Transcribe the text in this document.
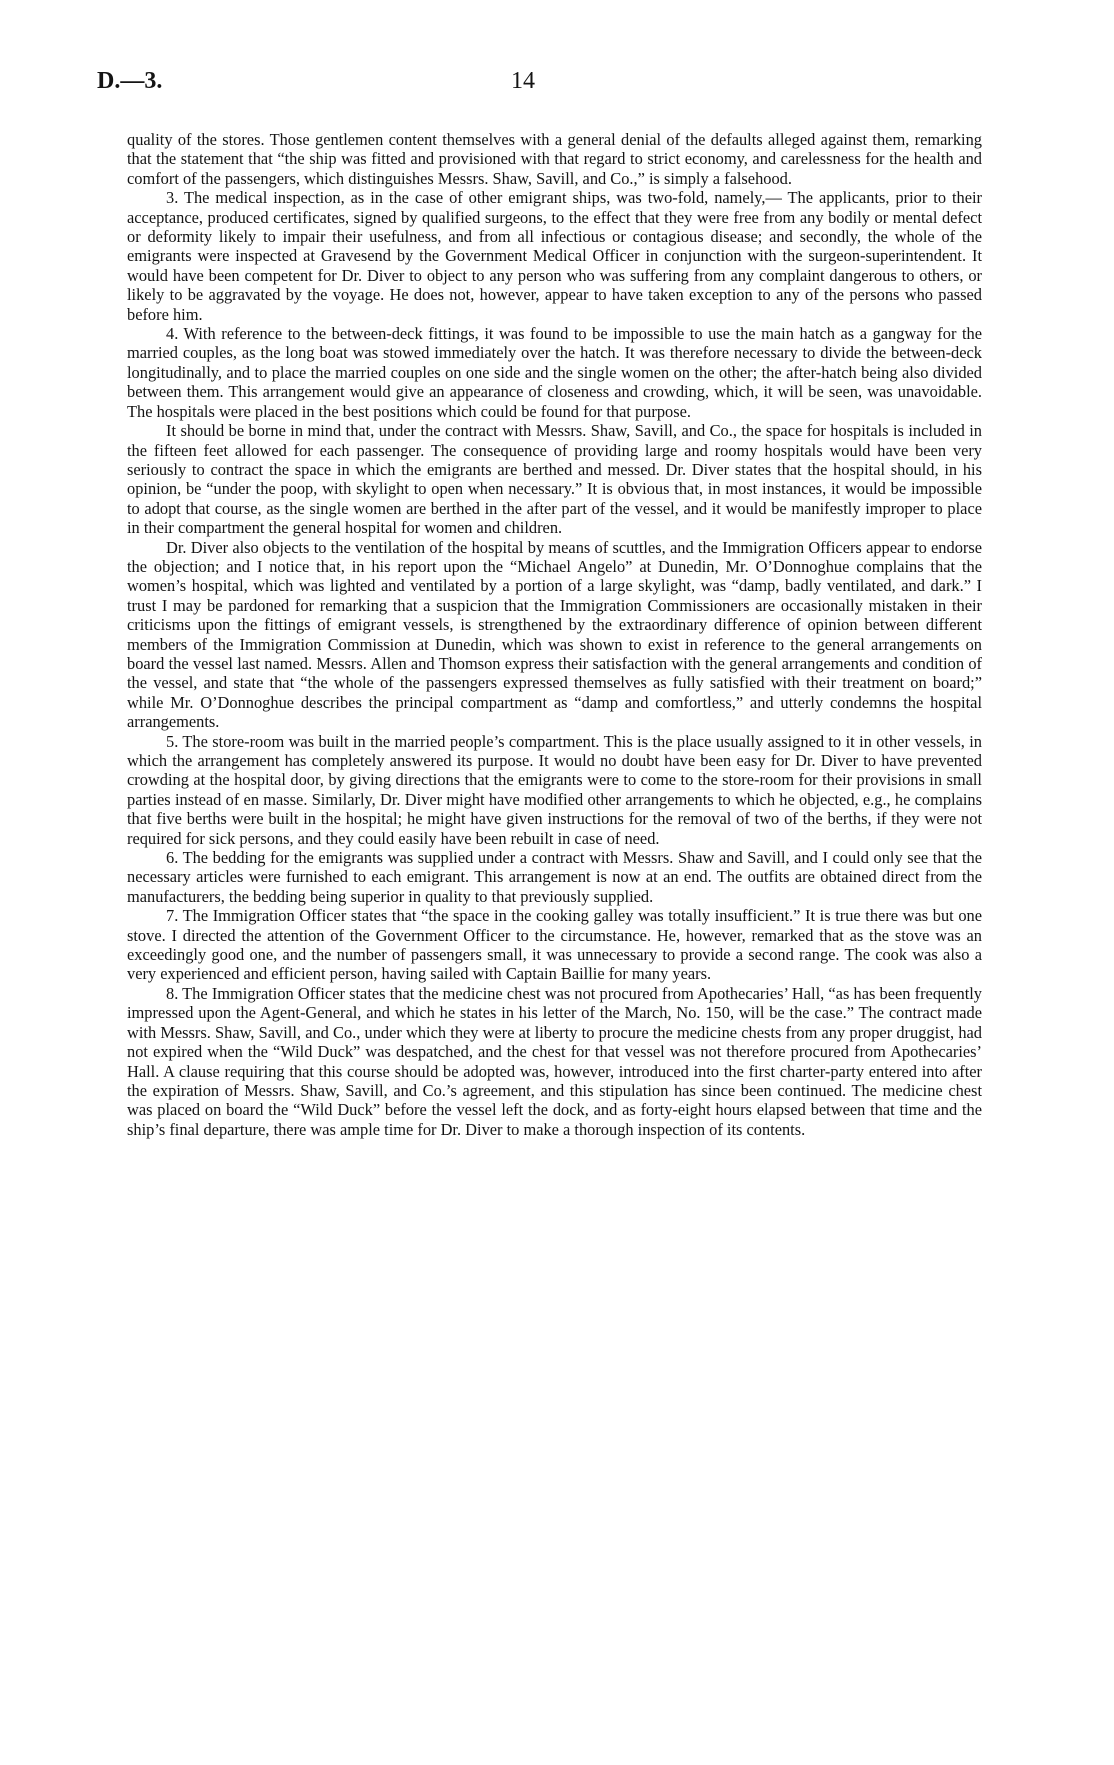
D.—3.	14

quality of the stores. Those gentlemen content themselves with a general denial of the defaults alleged against them, remarking that the statement that “the ship was fitted and provisioned with that regard to strict economy, and carelessness for the health and comfort of the passengers, which distinguishes Messrs. Shaw, Savill, and Co.,” is simply a falsehood.

3. The medical inspection, as in the case of other emigrant ships, was two-fold, namely,— The applicants, prior to their acceptance, produced certificates, signed by qualified surgeons, to the effect that they were free from any bodily or mental defect or deformity likely to impair their usefulness, and from all infectious or contagious disease; and secondly, the whole of the emigrants were inspected at Gravesend by the Government Medical Officer in conjunction with the surgeon-superintendent. It would have been competent for Dr. Diver to object to any person who was suffering from any complaint dangerous to others, or likely to be aggravated by the voyage. He does not, however, appear to have taken exception to any of the persons who passed before him.

4. With reference to the between-deck fittings, it was found to be impossible to use the main hatch as a gangway for the married couples, as the long boat was stowed immediately over the hatch. It was therefore necessary to divide the between-deck longitudinally, and to place the married couples on one side and the single women on the other; the after-hatch being also divided between them. This arrangement would give an appearance of closeness and crowding, which, it will be seen, was unavoidable. The hospitals were placed in the best positions which could be found for that purpose.

It should be borne in mind that, under the contract with Messrs. Shaw, Savill, and Co., the space for hospitals is included in the fifteen feet allowed for each passenger. The consequence of providing large and roomy hospitals would have been very seriously to contract the space in which the emigrants are berthed and messed. Dr. Diver states that the hospital should, in his opinion, be “under the poop, with skylight to open when necessary.” It is obvious that, in most instances, it would be impossible to adopt that course, as the single women are berthed in the after part of the vessel, and it would be manifestly improper to place in their compartment the general hospital for women and children.

Dr. Diver also objects to the ventilation of the hospital by means of scuttles, and the Immigration Officers appear to endorse the objection; and I notice that, in his report upon the “Michael Angelo” at Dunedin, Mr. O’Donnoghue complains that the women’s hospital, which was lighted and ventilated by a portion of a large skylight, was “damp, badly ventilated, and dark.” I trust I may be pardoned for remarking that a suspicion that the Immigration Commissioners are occasionally mistaken in their criticisms upon the fittings of emigrant vessels, is strengthened by the extraordinary difference of opinion between different members of the Immigration Commission at Dunedin, which was shown to exist in reference to the general arrangements on board the vessel last named. Messrs. Allen and Thomson express their satisfaction with the general arrangements and condition of the vessel, and state that “the whole of the passengers expressed themselves as fully satisfied with their treatment on board;” while Mr. O’Donnoghue describes the principal compartment as “damp and comfortless,” and utterly condemns the hospital arrangements.

5. The store-room was built in the married people’s compartment. This is the place usually assigned to it in other vessels, in which the arrangement has completely answered its purpose. It would no doubt have been easy for Dr. Diver to have prevented crowding at the hospital door, by giving directions that the emigrants were to come to the store-room for their provisions in small parties instead of en masse. Similarly, Dr. Diver might have modified other arrangements to which he objected, e.g., he complains that five berths were built in the hospital; he might have given instructions for the removal of two of the berths, if they were not required for sick persons, and they could easily have been rebuilt in case of need.

6. The bedding for the emigrants was supplied under a contract with Messrs. Shaw and Savill, and I could only see that the necessary articles were furnished to each emigrant. This arrangement is now at an end. The outfits are obtained direct from the manufacturers, the bedding being superior in quality to that previously supplied.

7. The Immigration Officer states that “the space in the cooking galley was totally insufficient.” It is true there was but one stove. I directed the attention of the Government Officer to the circumstance. He, however, remarked that as the stove was an exceedingly good one, and the number of passengers small, it was unnecessary to provide a second range. The cook was also a very experienced and efficient person, having sailed with Captain Baillie for many years.

8. The Immigration Officer states that the medicine chest was not procured from Apothecaries’ Hall, “as has been frequently impressed upon the Agent-General, and which he states in his letter of the March, No. 150, will be the case.” The contract made with Messrs. Shaw, Savill, and Co., under which they were at liberty to procure the medicine chests from any proper druggist, had not expired when the “Wild Duck” was despatched, and the chest for that vessel was not therefore procured from Apothecaries’ Hall. A clause requiring that this course should be adopted was, however, introduced into the first charter-party entered into after the expiration of Messrs. Shaw, Savill, and Co.’s agreement, and this stipulation has since been continued. The medicine chest was placed on board the “Wild Duck” before the vessel left the dock, and as forty-eight hours elapsed between that time and the ship’s final departure, there was ample time for Dr. Diver to make a thorough inspection of its contents.
